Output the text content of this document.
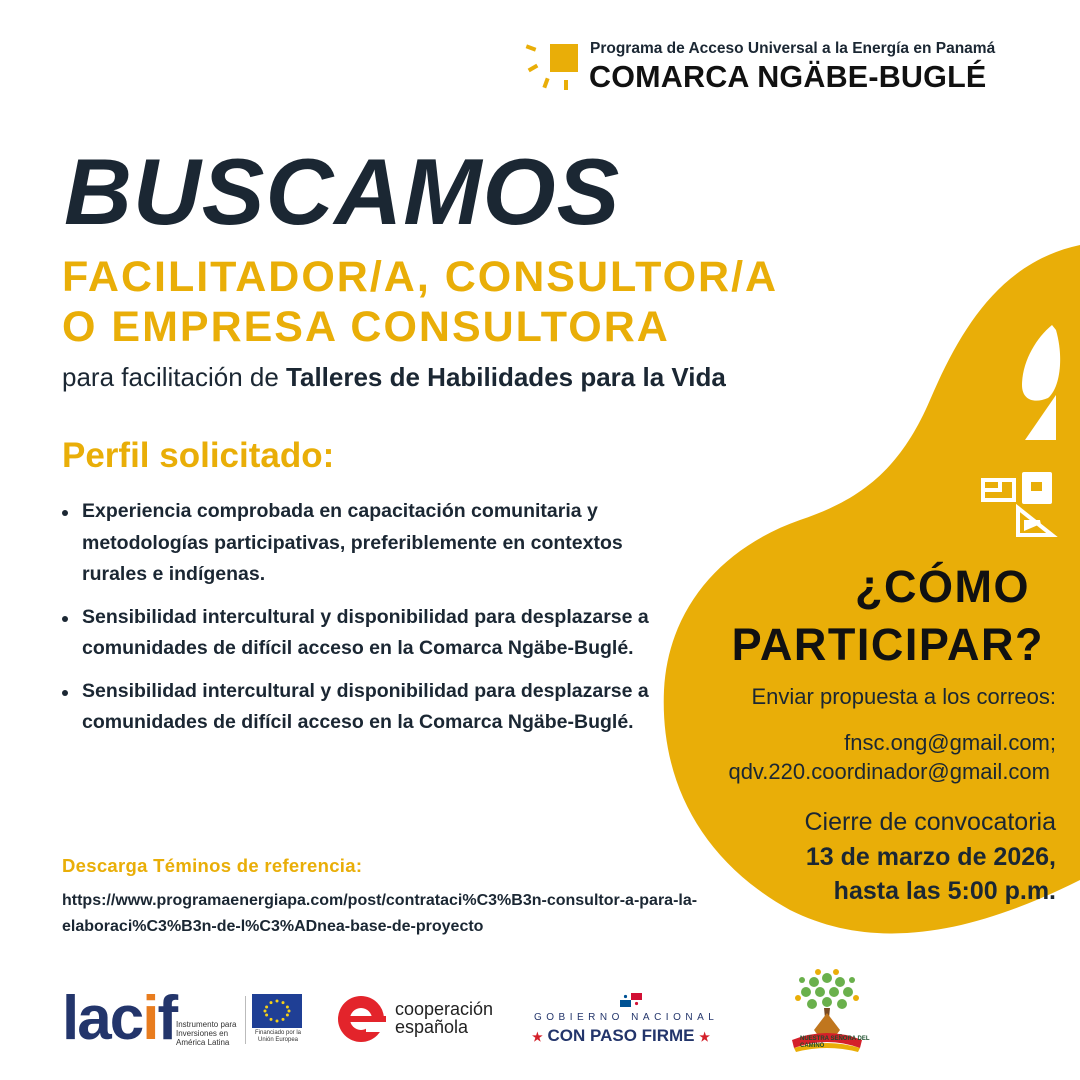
Programa de Acceso Universal a la Energía en Panamá
COMARCA NGÄBE-BUGLÉ
BUSCAMOS
FACILITADOR/A, CONSULTOR/A
O EMPRESA CONSULTORA
para facilitación de Talleres de Habilidades para la Vida
Perfil solicitado:
Experiencia comprobada en capacitación comunitaria y metodologías participativas, preferiblemente en contextos rurales e indígenas.
Sensibilidad intercultural y disponibilidad para desplazarse a comunidades de difícil acceso en la Comarca Ngäbe-Buglé.
Sensibilidad intercultural y disponibilidad para desplazarse a comunidades de difícil acceso en la Comarca Ngäbe-Buglé.
Descarga Téminos de referencia:
https://www.programaenergiapa.com/post/contrataci%C3%B3n-consultor-a-para-la-elaboraci%C3%B3n-de-l%C3%ADnea-base-de-proyecto
¿CÓMO
PARTICIPAR?
Enviar propuesta a los correos:
fnsc.ong@gmail.com;
qdv.220.coordinador@gmail.com
Cierre de convocatoria
13 de marzo de 2026,
hasta las 5:00 p.m.
lacif Instrumento para Inversiones en América Latina
Financiado por la Unión Europea
cooperación
española	GOBIERNO NACIONAL
★ CON PASO FIRME ★	NUESTRA SEÑORA DEL CAMINO
